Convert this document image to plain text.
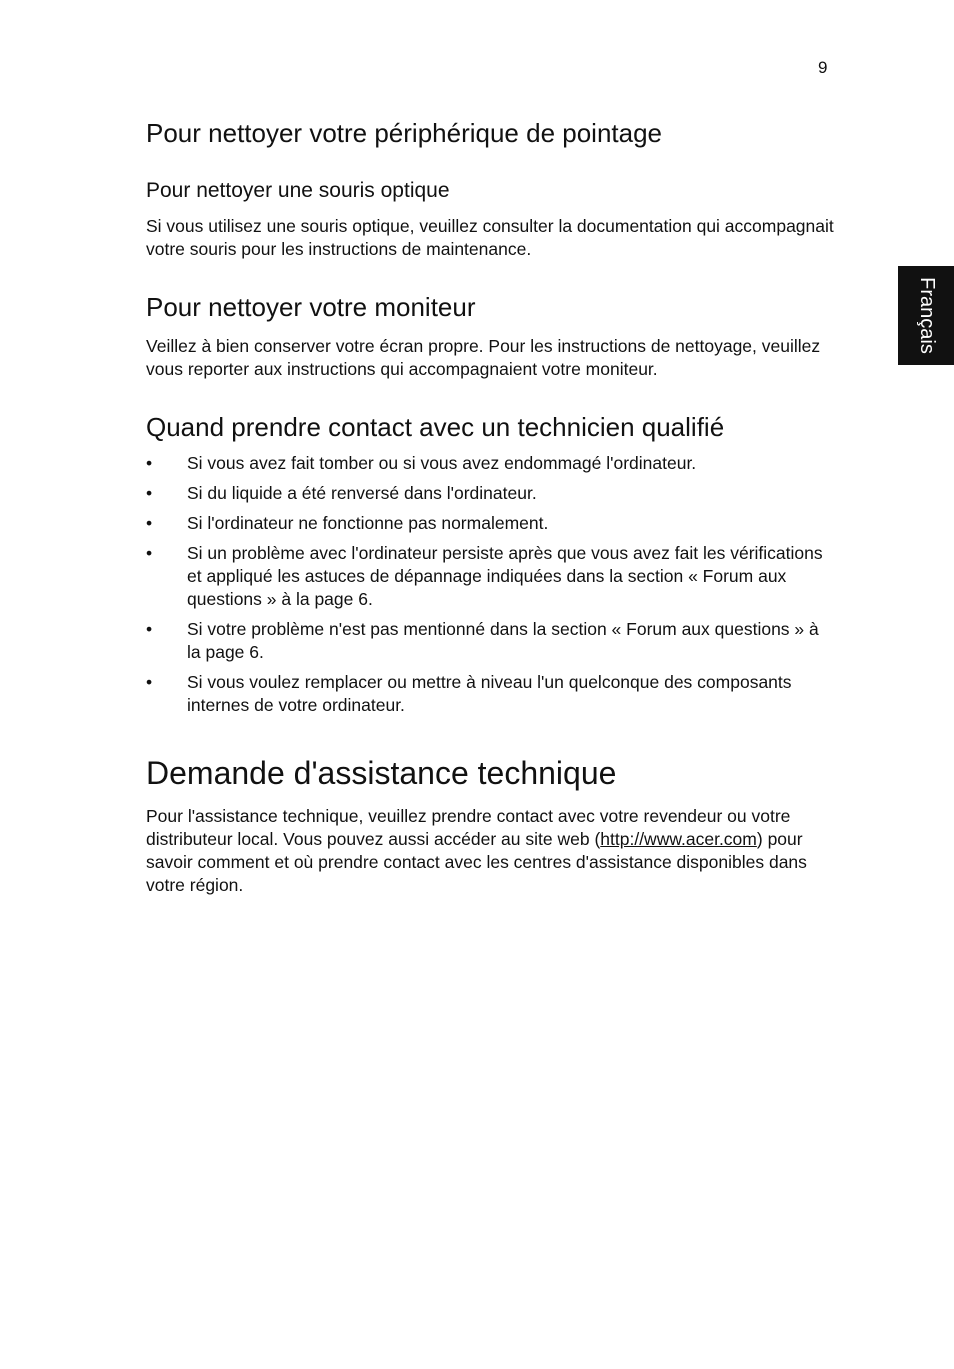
9
Français
Pour nettoyer votre périphérique de pointage
Pour nettoyer une souris optique

Si vous utilisez une souris optique, veuillez consulter la documentation qui accompagnait votre souris pour les instructions de maintenance.

Pour nettoyer votre moniteur

Veillez à bien conserver votre écran propre. Pour les instructions de nettoyage, veuillez vous reporter aux instructions qui accompagnaient votre moniteur.

Quand prendre contact avec un technicien qualifié
• Si vous avez fait tomber ou si vous avez endommagé l'ordinateur.
• Si du liquide a été renversé dans l'ordinateur.
• Si l'ordinateur ne fonctionne pas normalement.
• Si un problème avec l'ordinateur persiste après que vous avez fait les vérifications et appliqué les astuces de dépannage indiquées dans la section « Forum aux questions » à la page 6.
• Si votre problème n'est pas mentionné dans la section « Forum aux questions » à la page 6.
• Si vous voulez remplacer ou mettre à niveau l'un quelconque des composants internes de votre ordinateur.
Demande d'assistance technique

Pour l'assistance technique, veuillez prendre contact avec votre revendeur ou votre distributeur local. Vous pouvez aussi accéder au site web (http://www.acer.com) pour savoir comment et où prendre contact avec les centres d'assistance disponibles dans votre région.
